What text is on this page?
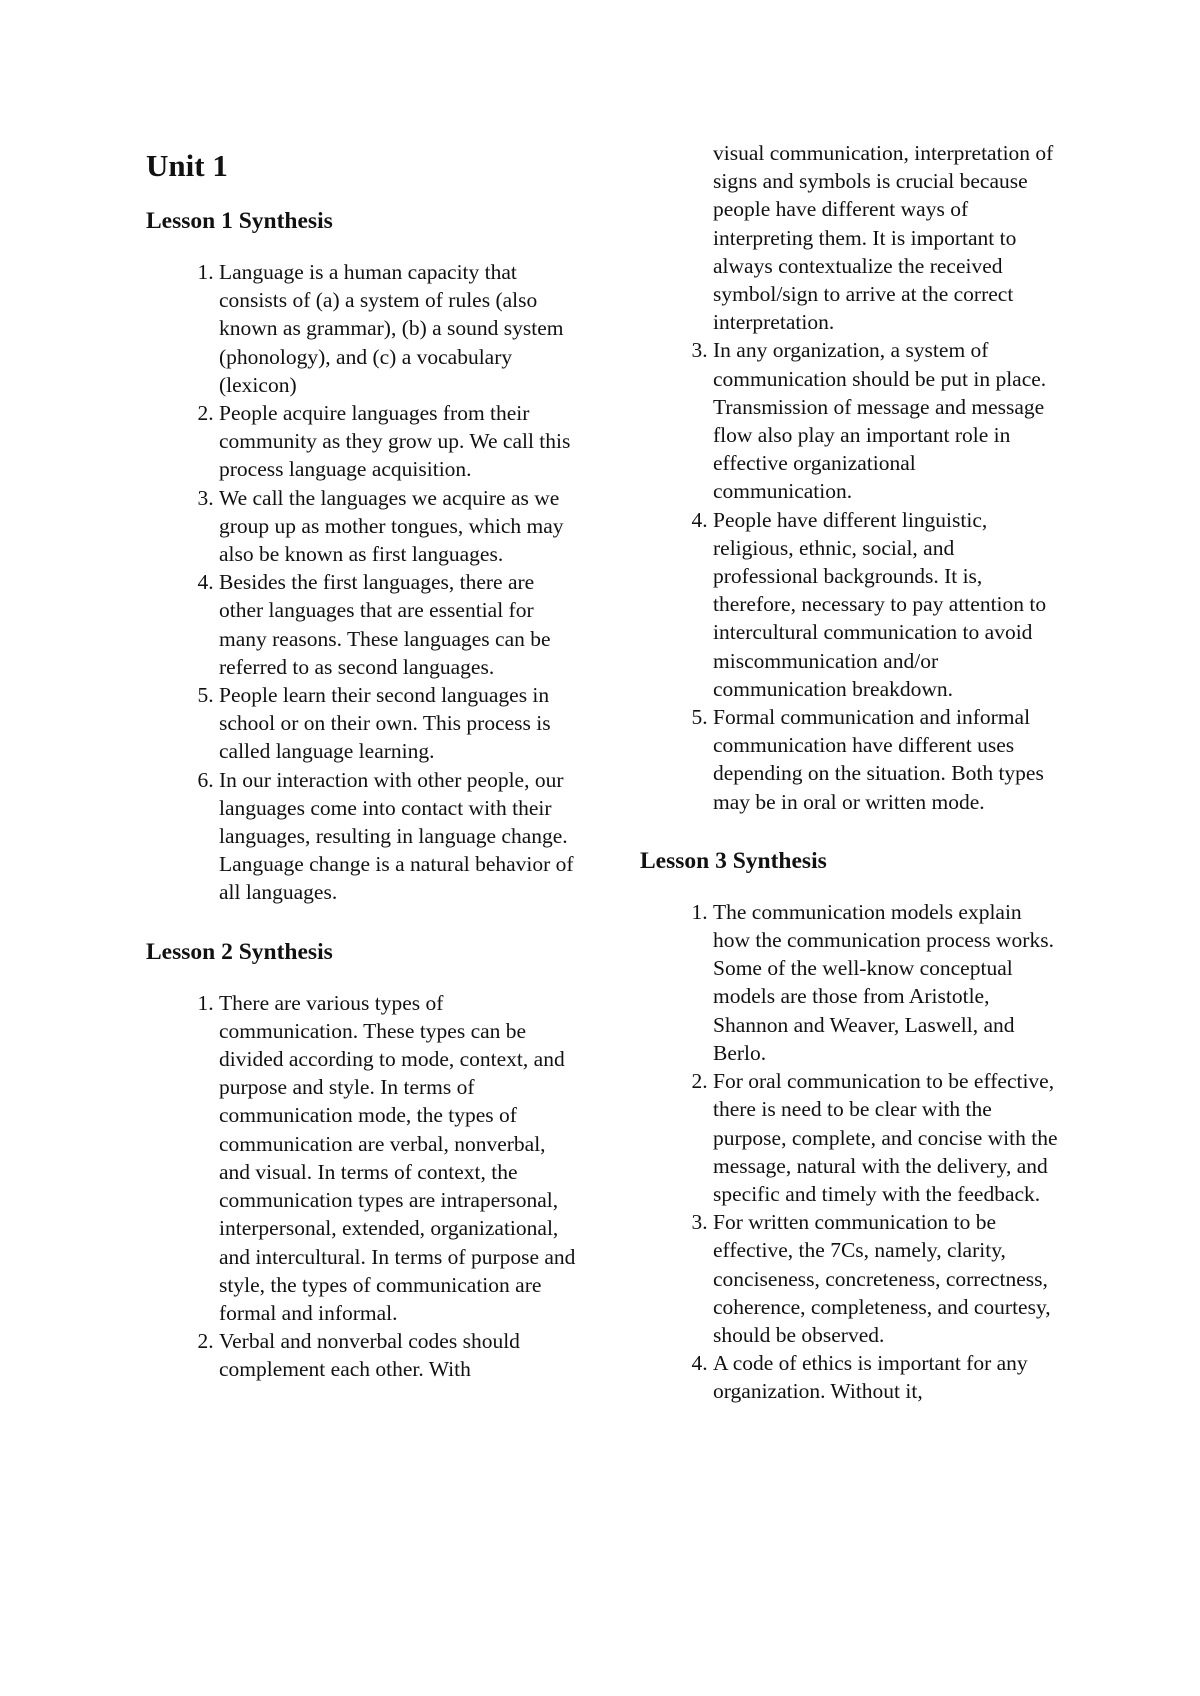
Unit 1
Lesson 1 Synthesis
1. Language is a human capacity that consists of (a) a system of rules (also known as grammar), (b) a sound system (phonology), and (c) a vocabulary (lexicon)
2. People acquire languages from their community as they grow up. We call this process language acquisition.
3. We call the languages we acquire as we group up as mother tongues, which may also be known as first languages.
4. Besides the first languages, there are other languages that are essential for many reasons. These languages can be referred to as second languages.
5. People learn their second languages in school or on their own. This process is called language learning.
6. In our interaction with other people, our languages come into contact with their languages, resulting in language change. Language change is a natural behavior of all languages.
Lesson 2 Synthesis
1. There are various types of communication. These types can be divided according to mode, context, and purpose and style. In terms of communication mode, the types of communication are verbal, nonverbal, and visual. In terms of context, the communication types are intrapersonal, interpersonal, extended, organizational, and intercultural. In terms of purpose and style, the types of communication are formal and informal.
2. Verbal and nonverbal codes should complement each other. With
visual communication, interpretation of signs and symbols is crucial because people have different ways of interpreting them. It is important to always contextualize the received symbol/sign to arrive at the correct interpretation.
3. In any organization, a system of communication should be put in place. Transmission of message and message flow also play an important role in effective organizational communication.
4. People have different linguistic, religious, ethnic, social, and professional backgrounds. It is, therefore, necessary to pay attention to intercultural communication to avoid miscommunication and/or communication breakdown.
5. Formal communication and informal communication have different uses depending on the situation. Both types may be in oral or written mode.
Lesson 3 Synthesis
1. The communication models explain how the communication process works. Some of the well-know conceptual models are those from Aristotle, Shannon and Weaver, Laswell, and Berlo.
2. For oral communication to be effective, there is need to be clear with the purpose, complete, and concise with the message, natural with the delivery, and specific and timely with the feedback.
3. For written communication to be effective, the 7Cs, namely, clarity, conciseness, concreteness, correctness, coherence, completeness, and courtesy, should be observed.
4. A code of ethics is important for any organization. Without it,
